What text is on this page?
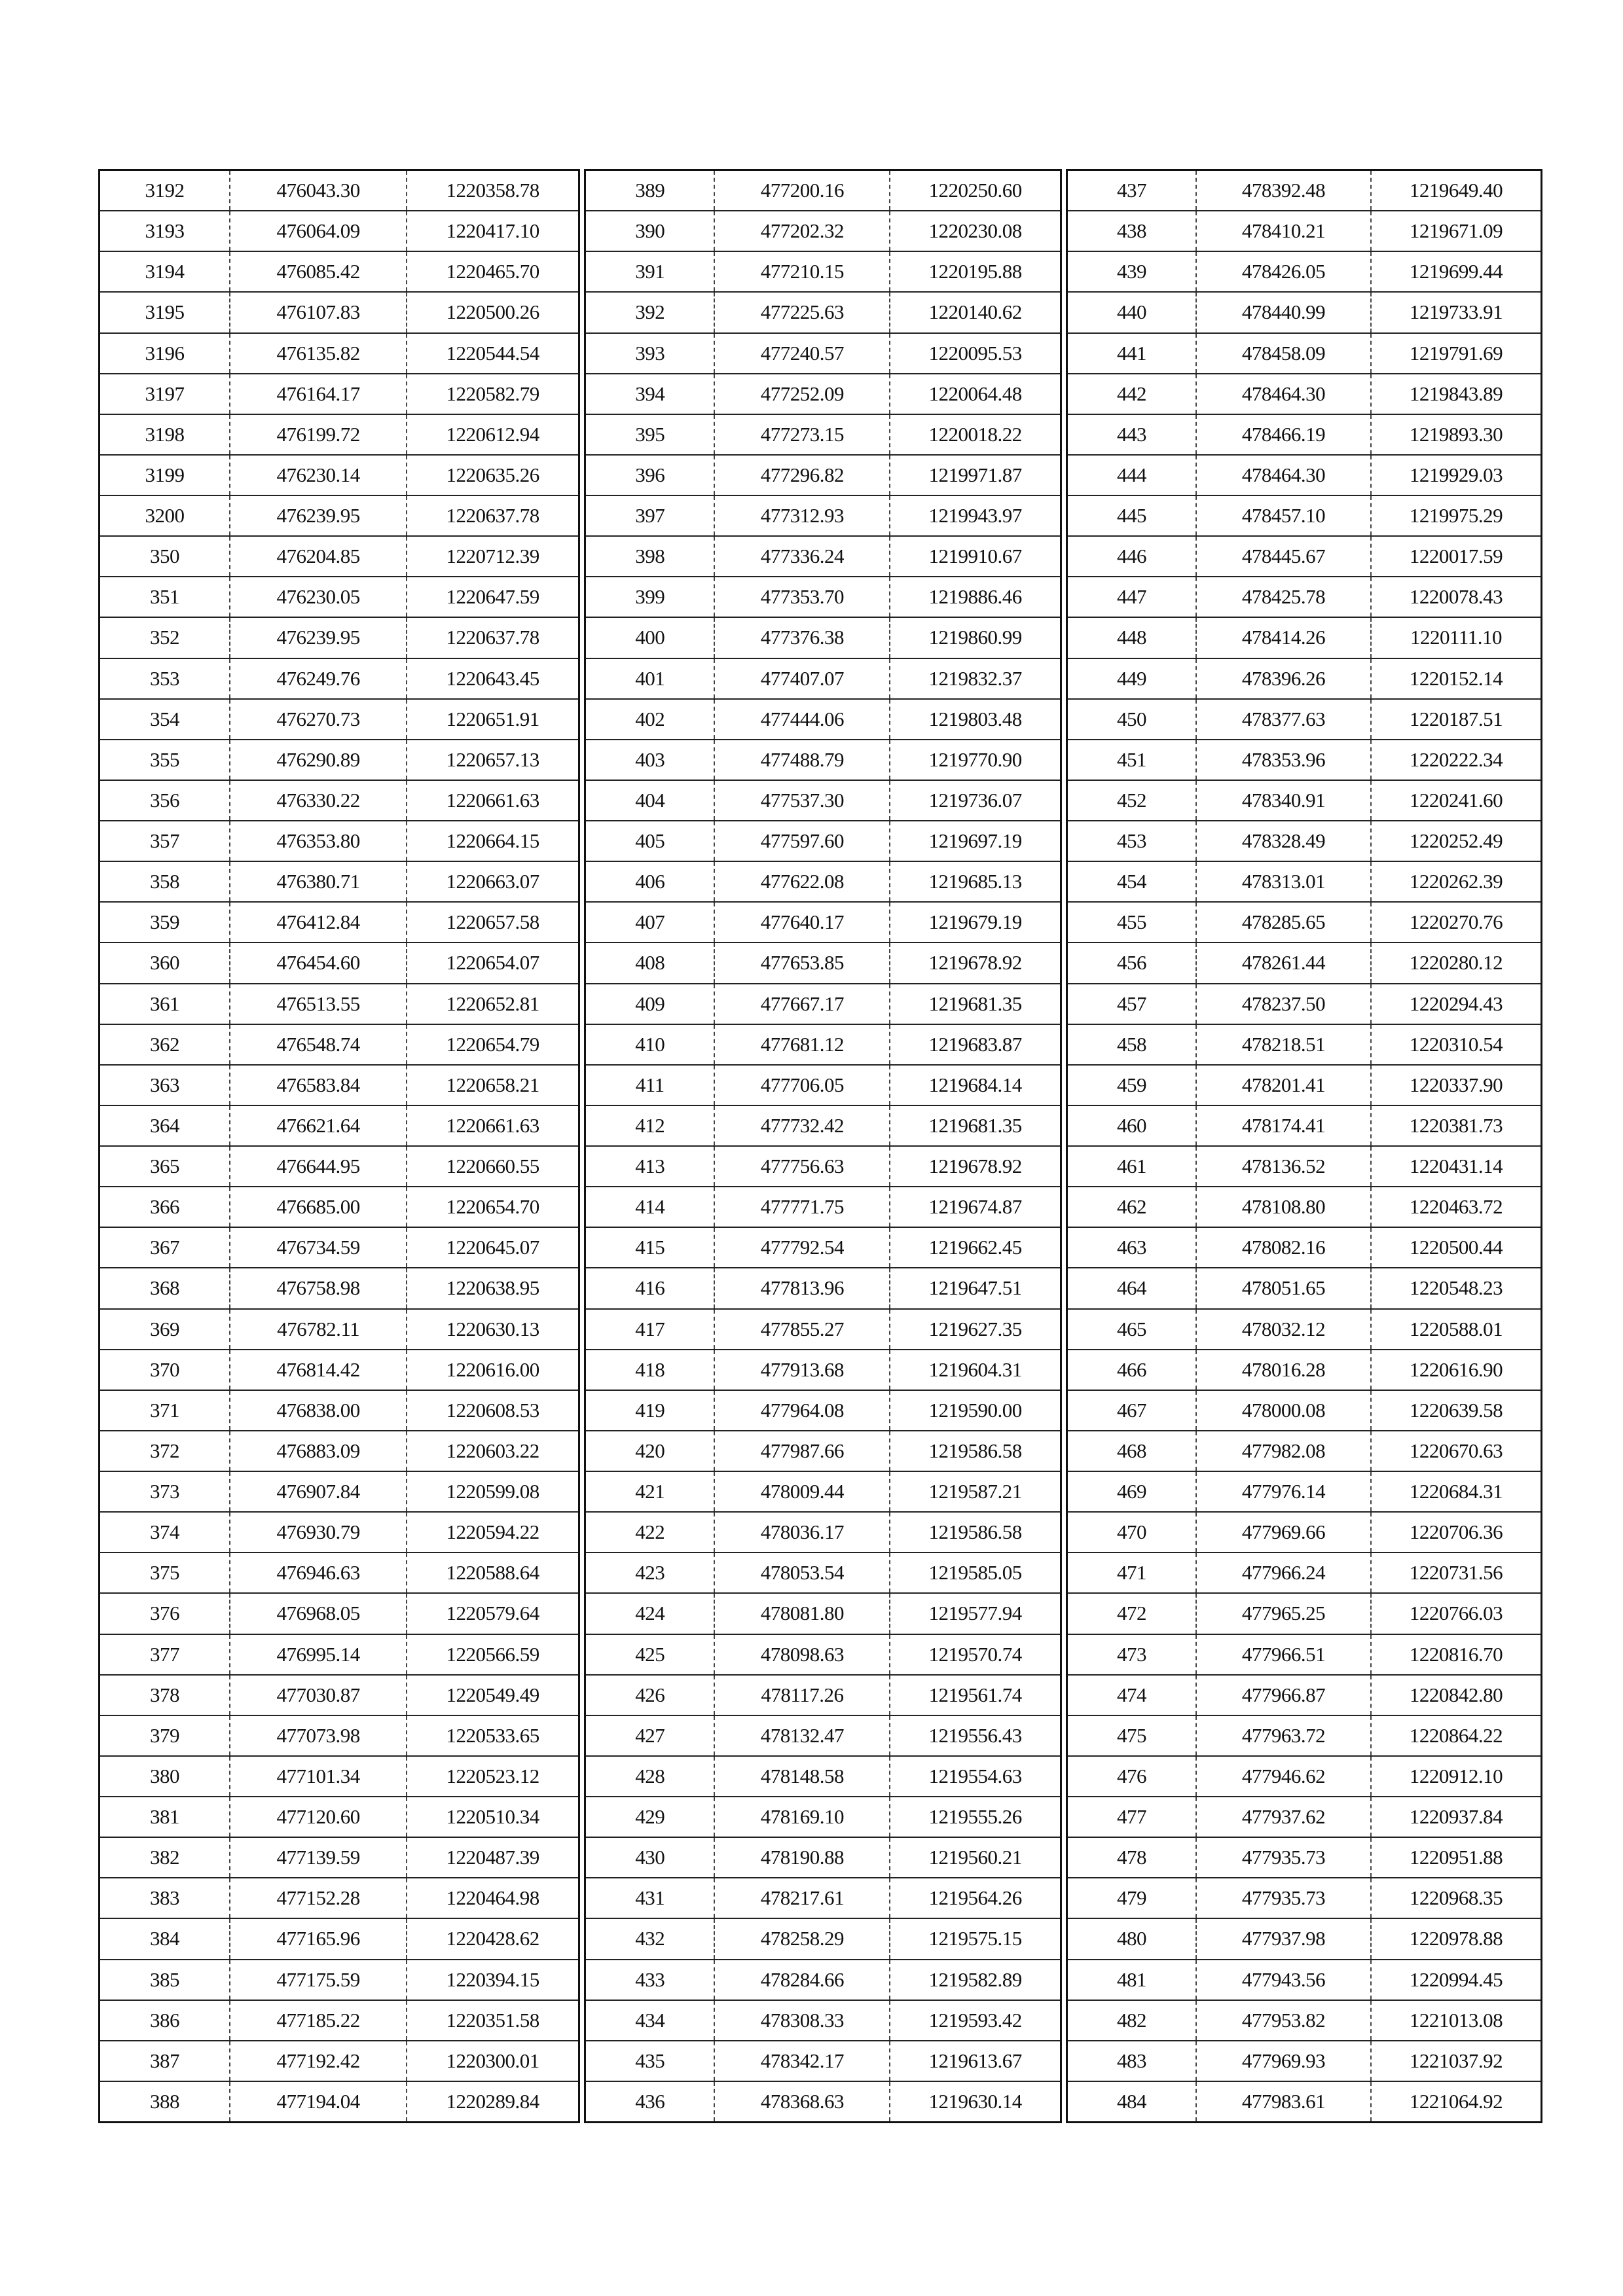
3192	476043.30	1220358.78
3193	476064.09	1220417.10
3194	476085.42	1220465.70
3195	476107.83	1220500.26
3196	476135.82	1220544.54
3197	476164.17	1220582.79
3198	476199.72	1220612.94
3199	476230.14	1220635.26
3200	476239.95	1220637.78
350	476204.85	1220712.39
351	476230.05	1220647.59
352	476239.95	1220637.78
353	476249.76	1220643.45
354	476270.73	1220651.91
355	476290.89	1220657.13
356	476330.22	1220661.63
357	476353.80	1220664.15
358	476380.71	1220663.07
359	476412.84	1220657.58
360	476454.60	1220654.07
361	476513.55	1220652.81
362	476548.74	1220654.79
363	476583.84	1220658.21
364	476621.64	1220661.63
365	476644.95	1220660.55
366	476685.00	1220654.70
367	476734.59	1220645.07
368	476758.98	1220638.95
369	476782.11	1220630.13
370	476814.42	1220616.00
371	476838.00	1220608.53
372	476883.09	1220603.22
373	476907.84	1220599.08
374	476930.79	1220594.22
375	476946.63	1220588.64
376	476968.05	1220579.64
377	476995.14	1220566.59
378	477030.87	1220549.49
379	477073.98	1220533.65
380	477101.34	1220523.12
381	477120.60	1220510.34
382	477139.59	1220487.39
383	477152.28	1220464.98
384	477165.96	1220428.62
385	477175.59	1220394.15
386	477185.22	1220351.58
387	477192.42	1220300.01
388	477194.04	1220289.84
389	477200.16	1220250.60
390	477202.32	1220230.08
391	477210.15	1220195.88
392	477225.63	1220140.62
393	477240.57	1220095.53
394	477252.09	1220064.48
395	477273.15	1220018.22
396	477296.82	1219971.87
397	477312.93	1219943.97
398	477336.24	1219910.67
399	477353.70	1219886.46
400	477376.38	1219860.99
401	477407.07	1219832.37
402	477444.06	1219803.48
403	477488.79	1219770.90
404	477537.30	1219736.07
405	477597.60	1219697.19
406	477622.08	1219685.13
407	477640.17	1219679.19
408	477653.85	1219678.92
409	477667.17	1219681.35
410	477681.12	1219683.87
411	477706.05	1219684.14
412	477732.42	1219681.35
413	477756.63	1219678.92
414	477771.75	1219674.87
415	477792.54	1219662.45
416	477813.96	1219647.51
417	477855.27	1219627.35
418	477913.68	1219604.31
419	477964.08	1219590.00
420	477987.66	1219586.58
421	478009.44	1219587.21
422	478036.17	1219586.58
423	478053.54	1219585.05
424	478081.80	1219577.94
425	478098.63	1219570.74
426	478117.26	1219561.74
427	478132.47	1219556.43
428	478148.58	1219554.63
429	478169.10	1219555.26
430	478190.88	1219560.21
431	478217.61	1219564.26
432	478258.29	1219575.15
433	478284.66	1219582.89
434	478308.33	1219593.42
435	478342.17	1219613.67
436	478368.63	1219630.14
437	478392.48	1219649.40
438	478410.21	1219671.09
439	478426.05	1219699.44
440	478440.99	1219733.91
441	478458.09	1219791.69
442	478464.30	1219843.89
443	478466.19	1219893.30
444	478464.30	1219929.03
445	478457.10	1219975.29
446	478445.67	1220017.59
447	478425.78	1220078.43
448	478414.26	1220111.10
449	478396.26	1220152.14
450	478377.63	1220187.51
451	478353.96	1220222.34
452	478340.91	1220241.60
453	478328.49	1220252.49
454	478313.01	1220262.39
455	478285.65	1220270.76
456	478261.44	1220280.12
457	478237.50	1220294.43
458	478218.51	1220310.54
459	478201.41	1220337.90
460	478174.41	1220381.73
461	478136.52	1220431.14
462	478108.80	1220463.72
463	478082.16	1220500.44
464	478051.65	1220548.23
465	478032.12	1220588.01
466	478016.28	1220616.90
467	478000.08	1220639.58
468	477982.08	1220670.63
469	477976.14	1220684.31
470	477969.66	1220706.36
471	477966.24	1220731.56
472	477965.25	1220766.03
473	477966.51	1220816.70
474	477966.87	1220842.80
475	477963.72	1220864.22
476	477946.62	1220912.10
477	477937.62	1220937.84
478	477935.73	1220951.88
479	477935.73	1220968.35
480	477937.98	1220978.88
481	477943.56	1220994.45
482	477953.82	1221013.08
483	477969.93	1221037.92
484	477983.61	1221064.92
